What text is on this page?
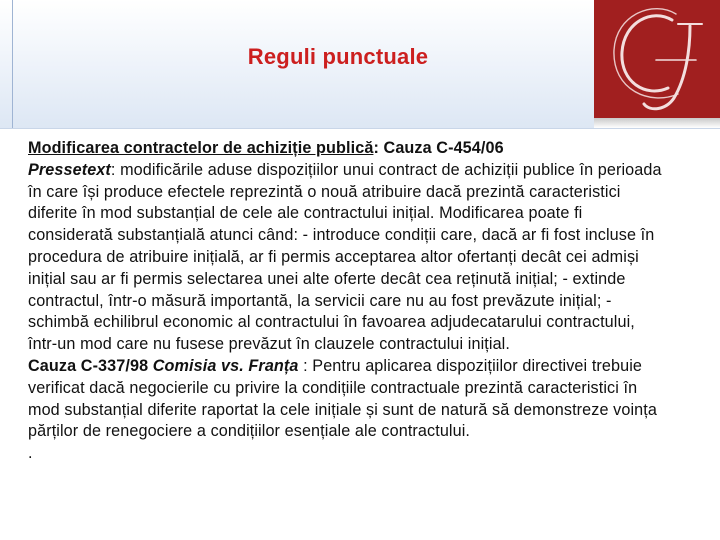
Reguli punctuale

Modificarea contractelor de achiziție publică: Cauza C‑454/06
Pressetext: modificările aduse dispozițiilor unui contract de achiziții publice în perioada în care își produce efectele reprezintă o nouă atribuire dacă prezintă caracteristici diferite în mod substanțial de cele ale contractului inițial. Modificarea poate fi considerată substanțială atunci când: - introduce condiții care, dacă ar fi fost incluse în procedura de atribuire inițială, ar fi permis acceptarea altor ofertanți decât cei admiși inițial sau ar fi permis selectarea unei alte oferte decât cea reținută inițial; - extinde contractul, într‑o măsură importantă, la servicii care nu au fost prevăzute inițial; - schimbă echilibrul economic al contractului în favoarea adjudecatarului contractului, într‑un mod care nu fusese prevăzut în clauzele contractului inițial.

Cauza C‑337/98 Comisia vs. Franța : Pentru aplicarea dispozițiilor directivei trebuie verificat dacă negocierile cu privire la condițiile contractuale prezintă caracteristici în mod substanțial diferite raportat la cele inițiale și sunt de natură să demonstreze voința părților de renegociere a condițiilor esențiale ale contractului.

.
